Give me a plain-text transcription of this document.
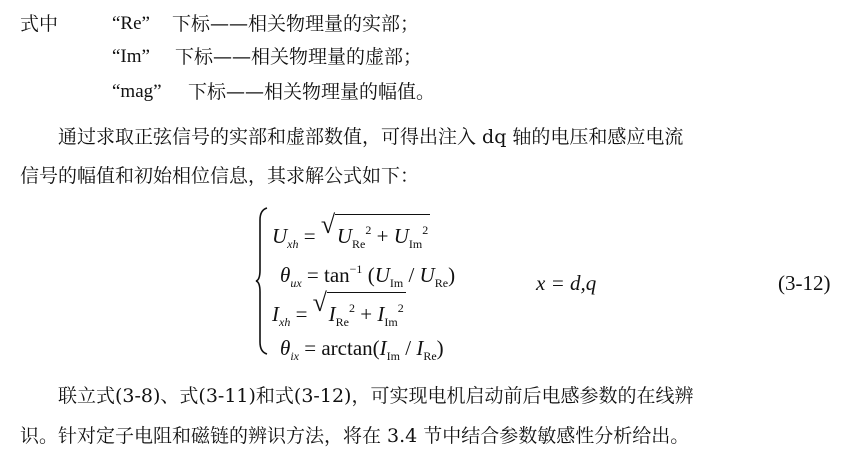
式中	“Re” 下标——相关物理量的实部；
“Im” 下标——相关物理量的虚部；
“mag” 下标——相关物理量的幅值。
通过求取正弦信号的实部和虚部数值，可得出注入 dq 轴的电压和感应电流
信号的幅值和初始相位信息，其求解公式如下：
$U_{xh}$ = √ $U_{Re}^2 + U_{Im}^2$
$\theta_{ux} = \tan^{-1} (U_{Im} / U_{Re})$
$I_{xh}$ = √ $I_{Re}^2 + I_{Im}^2$
$\theta_{ix} = \arctan(I_{Im} / I_{Re})$
x = d,q	(3-12)
联立式(3-8)、式(3-11)和式(3-12)，可实现电机启动前后电感参数的在线辨
识。针对定子电阻和磁链的辨识方法，将在 3.4 节中结合参数敏感性分析给出。
